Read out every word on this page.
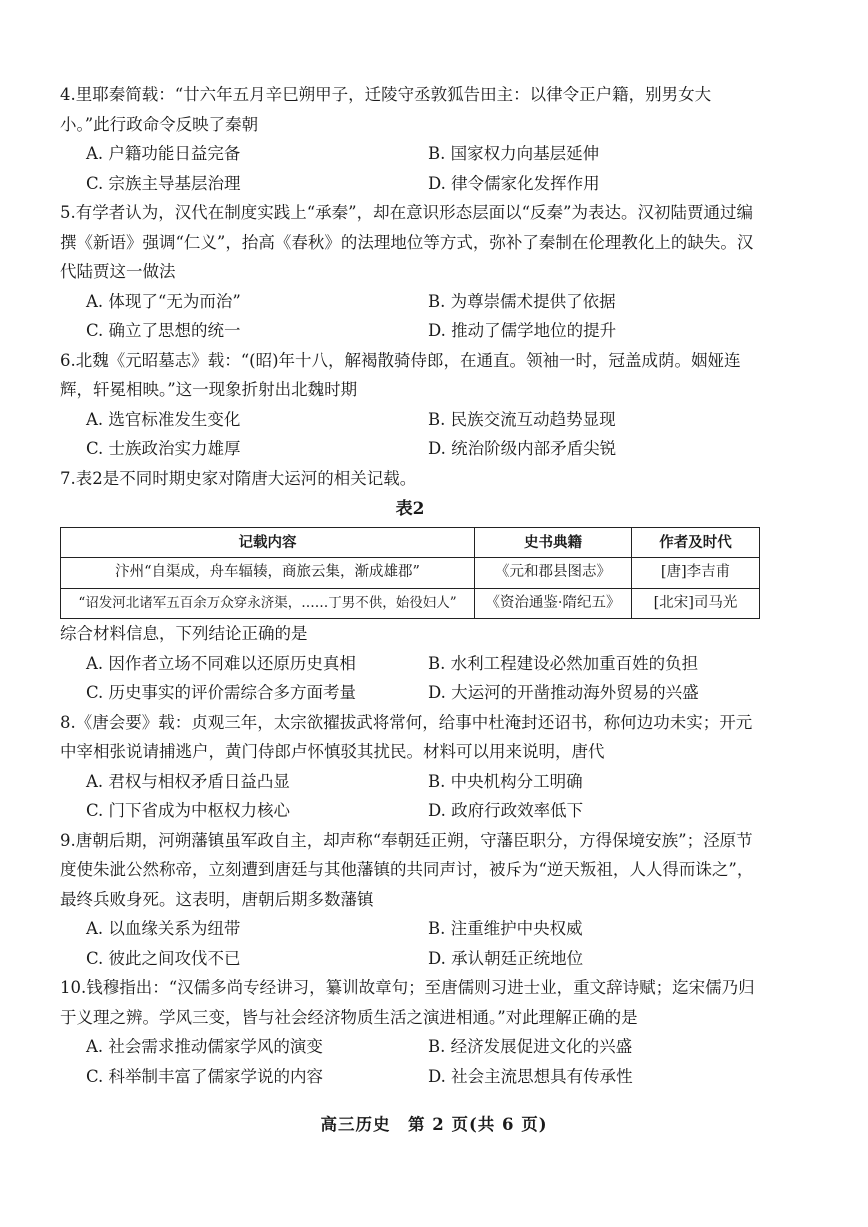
4.里耶秦简载：“廿六年五月辛巳朔甲子，迁陵守丞敦狐告田主：以律令正户籍，别男女大小。”此行政命令反映了秦朝
A. 户籍功能日益完备	B. 国家权力向基层延伸
C. 宗族主导基层治理	D. 律令儒家化发挥作用
5.有学者认为，汉代在制度实践上“承秦”，却在意识形态层面以“反秦”为表达。汉初陆贾通过编撰《新语》强调“仁义”，抬高《春秋》的法理地位等方式，弥补了秦制在伦理教化上的缺失。汉代陆贾这一做法
A. 体现了“无为而治”	B. 为尊崇儒术提供了依据
C. 确立了思想的统一	D. 推动了儒学地位的提升
6.北魏《元昭墓志》载：“(昭)年十八，解褐散骑侍郎，在通直。领袖一时，冠盖成荫。姻娅连辉，轩冕相映。”这一现象折射出北魏时期
A. 选官标准发生变化	B. 民族交流互动趋势显现
C. 士族政治实力雄厚	D. 统治阶级内部矛盾尖锐
7.表2是不同时期史家对隋唐大运河的相关记载。
表2
记载内容	史书典籍	作者及时代
汴州“自渠成，舟车辐辏，商旅云集，渐成雄郡”	《元和郡县图志》	[唐]李吉甫
“诏发河北诸军五百余万众穿永济渠，……丁男不供，始役妇人”	《资治通鉴·隋纪五》	[北宋]司马光
综合材料信息，下列结论正确的是
A. 因作者立场不同难以还原历史真相	B. 水利工程建设必然加重百姓的负担
C. 历史事实的评价需综合多方面考量	D. 大运河的开凿推动海外贸易的兴盛
8.《唐会要》载：贞观三年，太宗欲擢拔武将常何，给事中杜淹封还诏书，称何边功未实；开元中宰相张说请捕逃户，黄门侍郎卢怀慎驳其扰民。材料可以用来说明，唐代
A. 君权与相权矛盾日益凸显	B. 中央机构分工明确
C. 门下省成为中枢权力核心	D. 政府行政效率低下
9.唐朝后期，河朔藩镇虽军政自主，却声称“奉朝廷正朔，守藩臣职分，方得保境安族”；泾原节度使朱泚公然称帝，立刻遭到唐廷与其他藩镇的共同声讨，被斥为“逆天叛祖，人人得而诛之”，最终兵败身死。这表明，唐朝后期多数藩镇
A. 以血缘关系为纽带	B. 注重维护中央权威
C. 彼此之间攻伐不已	D. 承认朝廷正统地位
10.钱穆指出：“汉儒多尚专经讲习，纂训故章句；至唐儒则习进士业，重文辞诗赋；迄宋儒乃归于义理之辨。学风三变，皆与社会经济物质生活之演进相通。”对此理解正确的是
A. 社会需求推动儒家学风的演变	B. 经济发展促进文化的兴盛
C. 科举制丰富了儒家学说的内容	D. 社会主流思想具有传承性
高三历史　第 2 页(共 6 页)
